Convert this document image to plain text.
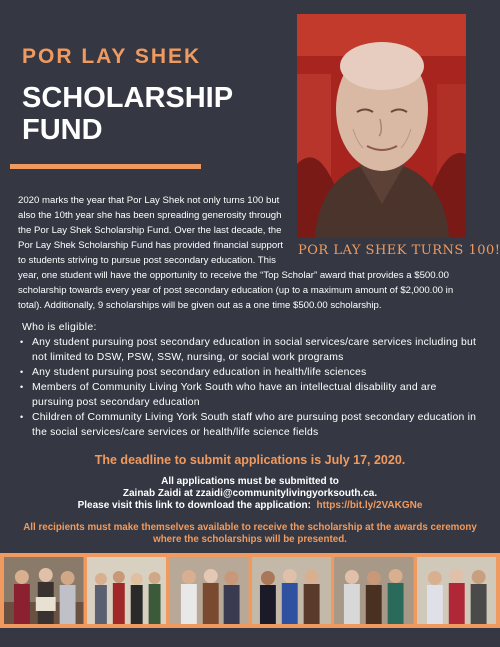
POR LAY SHEK
SCHOLARSHIP
FUND
POR LAY SHEK TURNS 100!

2020 marks the year that Por Lay Shek not only turns 100 but also the 10th year she has been spreading generosity through the Por Lay Shek Scholarship Fund. Over the last decade, the Por Lay Shek Scholarship Fund has provided financial support to students striving to pursue post secondary education. This year, one student will have the opportunity to receive the “Top Scholar” award that provides a $500.00 scholarship towards every year of post secondary education (up to a maximum amount of $2,000.00 in total). Additionally, 9 scholarships will be given out as a one time $500.00 scholarship.

Who is eligible:
• Any student pursuing post secondary education in social services/care services including but not limited to DSW, PSW, SSW, nursing, or social work programs
• Any student pursuing post secondary education in health/life sciences
• Members of Community Living York South who have an intellectual disability and are pursuing post secondary education
• Children of Community Living York South staff who are pursuing post secondary education in the social services/care services or health/life science fields
The deadline to submit applications is July 17, 2020.
All applications must be submitted to
Zainab Zaidi at zzaidi@communitylivingyorksouth.ca.
Please visit this link to download the application: https://bit.ly/2VAKGNe
All recipients must make themselves available to receive the scholarship at the awards ceremony where the scholarships will be presented.
